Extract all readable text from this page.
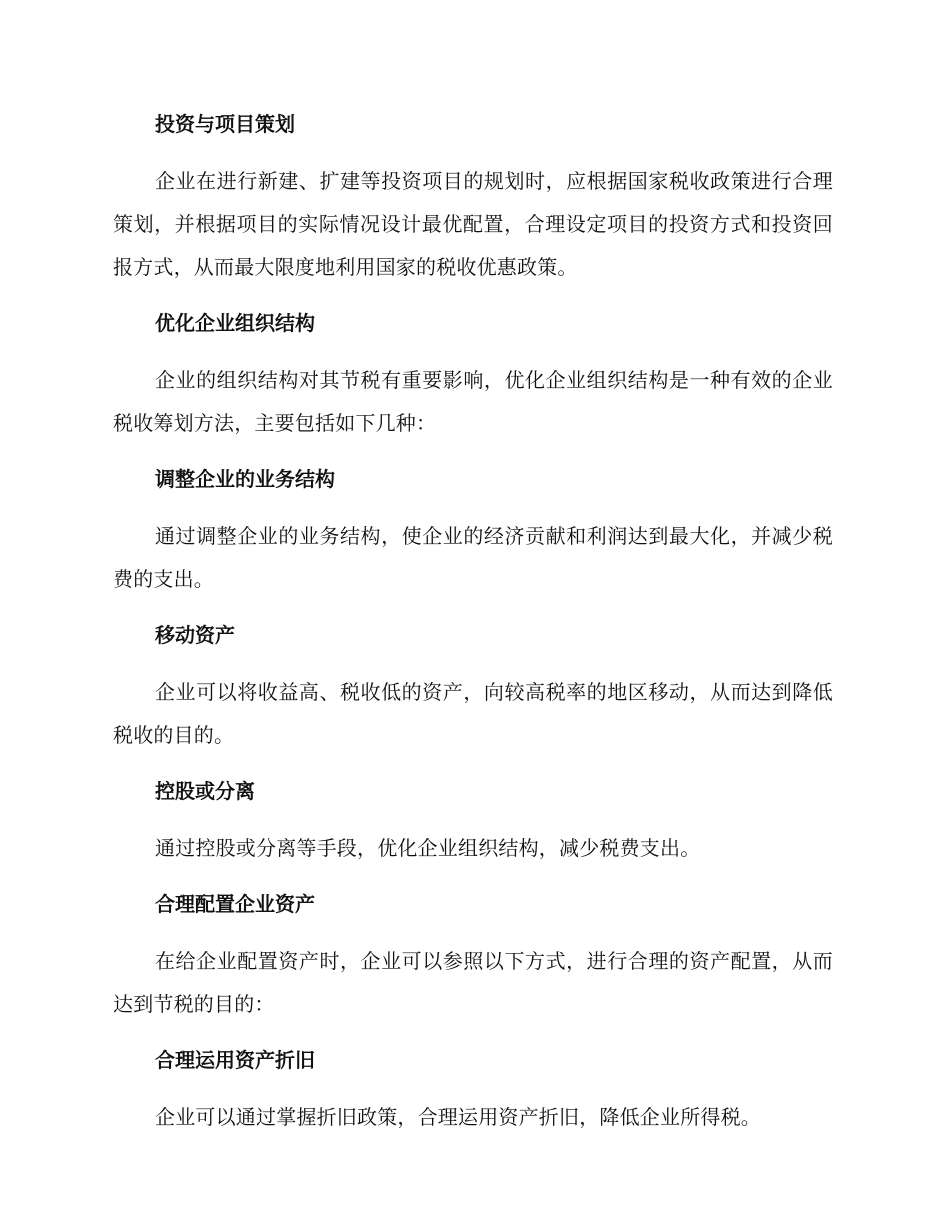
投资与项目策划

企业在进行新建、扩建等投资项目的规划时，应根据国家税收政策进行合理策划，并根据项目的实际情况设计最优配置，合理设定项目的投资方式和投资回报方式，从而最大限度地利用国家的税收优惠政策。

优化企业组织结构

企业的组织结构对其节税有重要影响，优化企业组织结构是一种有效的企业税收筹划方法，主要包括如下几种：

调整企业的业务结构

通过调整企业的业务结构，使企业的经济贡献和利润达到最大化，并减少税费的支出。

移动资产

企业可以将收益高、税收低的资产，向较高税率的地区移动，从而达到降低税收的目的。

控股或分离

通过控股或分离等手段，优化企业组织结构，减少税费支出。

合理配置企业资产

在给企业配置资产时，企业可以参照以下方式，进行合理的资产配置，从而达到节税的目的：

合理运用资产折旧

企业可以通过掌握折旧政策，合理运用资产折旧，降低企业所得税。
